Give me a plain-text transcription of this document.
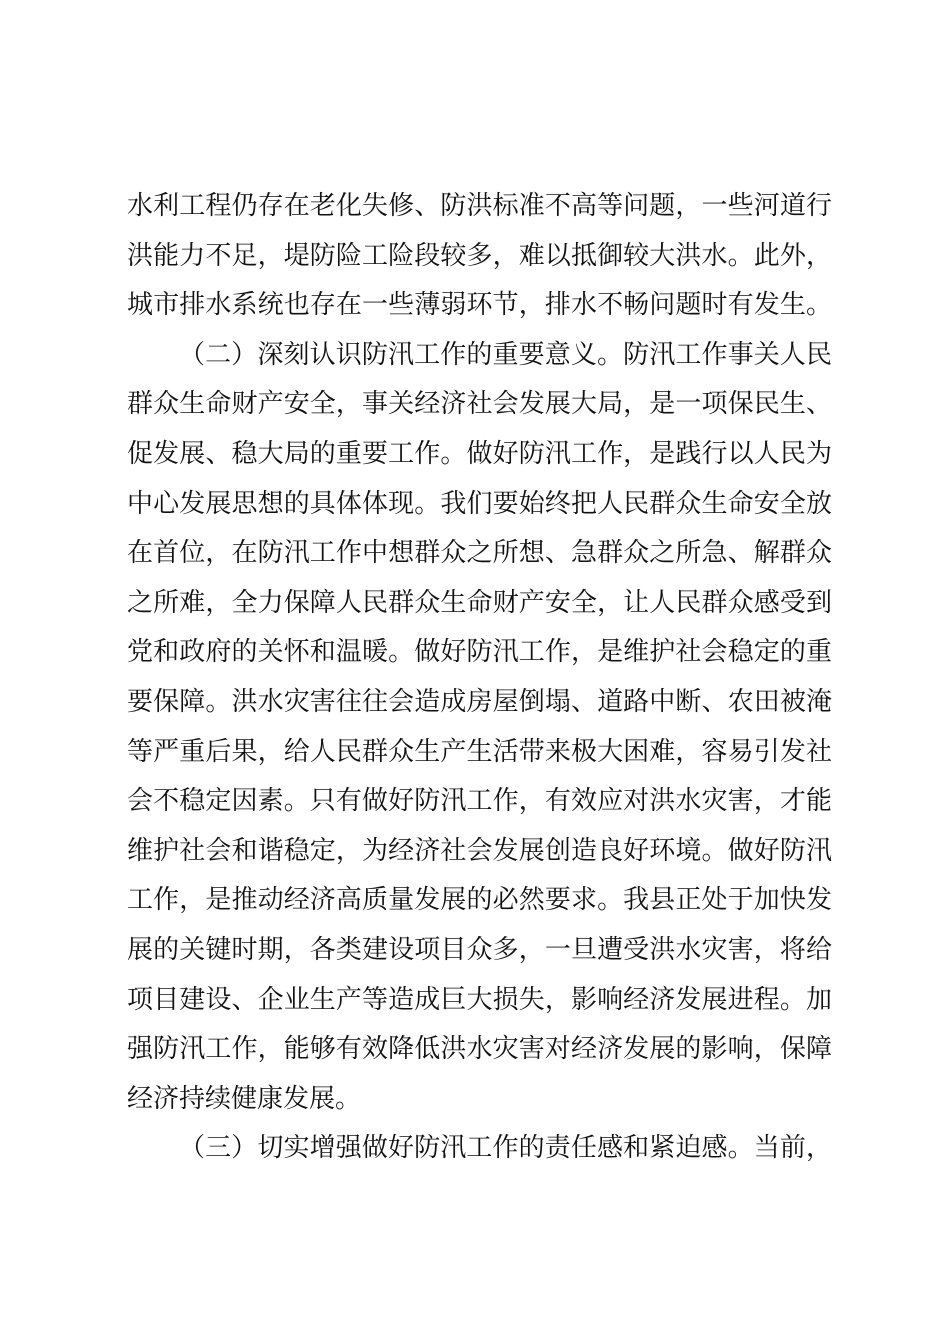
水利工程仍存在老化失修、防洪标准不高等问题，一些河道行
洪能力不足，堤防险工险段较多，难以抵御较大洪水。此外，
城市排水系统也存在一些薄弱环节，排水不畅问题时有发生。

（二）深刻认识防汛工作的重要意义。防汛工作事关人民
群众生命财产安全，事关经济社会发展大局，是一项保民生、
促发展、稳大局的重要工作。做好防汛工作，是践行以人民为
中心发展思想的具体体现。我们要始终把人民群众生命安全放
在首位，在防汛工作中想群众之所想、急群众之所急、解群众
之所难，全力保障人民群众生命财产安全，让人民群众感受到
党和政府的关怀和温暖。做好防汛工作，是维护社会稳定的重
要保障。洪水灾害往往会造成房屋倒塌、道路中断、农田被淹
等严重后果，给人民群众生产生活带来极大困难，容易引发社
会不稳定因素。只有做好防汛工作，有效应对洪水灾害，才能
维护社会和谐稳定，为经济社会发展创造良好环境。做好防汛
工作，是推动经济高质量发展的必然要求。我县正处于加快发
展的关键时期，各类建设项目众多，一旦遭受洪水灾害，将给
项目建设、企业生产等造成巨大损失，影响经济发展进程。加
强防汛工作，能够有效降低洪水灾害对经济发展的影响，保障
经济持续健康发展。

（三）切实增强做好防汛工作的责任感和紧迫感。当前，
